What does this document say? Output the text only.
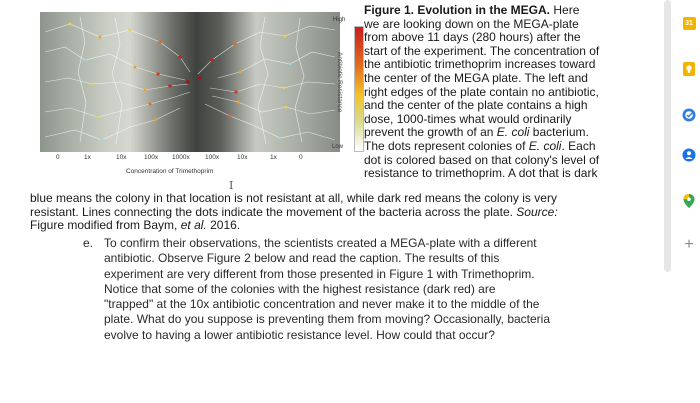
High
Antibiotic Resistance
Low
0	1x	10x	100x 1000x 100x	10x	1x	0
Concentration of Trimethoprim
I
Figure 1. Evolution in the MEGA. Here
we are looking down on the MEGA-plate
from above 11 days (280 hours) after the
start of the experiment. The concentration of
the antibiotic trimethoprim increases toward
the center of the MEGA plate. The left and
right edges of the plate contain no antibiotic,
and the center of the plate contains a high
dose, 1000-times what would ordinarily
prevent the growth of an E. coli bacterium.
The dots represent colonies of E. coli. Each
dot is colored based on that colony's level of
resistance to trimethoprim. A dot that is dark
blue means the colony in that location is not resistant at all, while dark red means the colony is very
resistant. Lines connecting the dots indicate the movement of the bacteria across the plate. Source:
Figure modified from Baym, et al. 2016.
e. To confirm their observations, the scientists created a MEGA-plate with a different
antibiotic. Observe Figure 2 below and read the caption. The results of this
experiment are very different from those presented in Figure 1 with Trimethoprim.
Notice that some of the colonies with the highest resistance (dark red) are
"trapped" at the 10x antibiotic concentration and never make it to the middle of the
plate. What do you suppose is preventing them from moving? Occasionally, bacteria
evolve to having a lower antibiotic resistance level. How could that occur?
31
+
